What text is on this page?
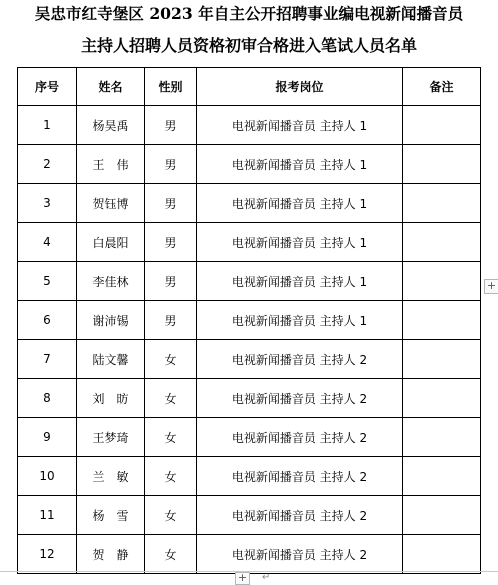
吴忠市红寺堡区 2023 年自主公开招聘事业编电视新闻播音员
主持人招聘人员资格初审合格进入笔试人员名单
序号	姓名	性别	报考岗位	备注
1	杨昊禹	男	电视新闻播音员 主持人 1	
2	王　伟	男	电视新闻播音员 主持人 1	
3	贺钰博	男	电视新闻播音员 主持人 1	
4	白晨阳	男	电视新闻播音员 主持人 1	
5	李佳林	男	电视新闻播音员 主持人 1	
6	谢沛锡	男	电视新闻播音员 主持人 1	
7	陆文馨	女	电视新闻播音员 主持人 2	
8	刘　昉	女	电视新闻播音员 主持人 2	
9	王梦琦	女	电视新闻播音员 主持人 2	
10	兰　敏	女	电视新闻播音员 主持人 2	
11	杨　雪	女	电视新闻播音员 主持人 2	
12	贺　静	女	电视新闻播音员 主持人 2	
+
+ ↵
